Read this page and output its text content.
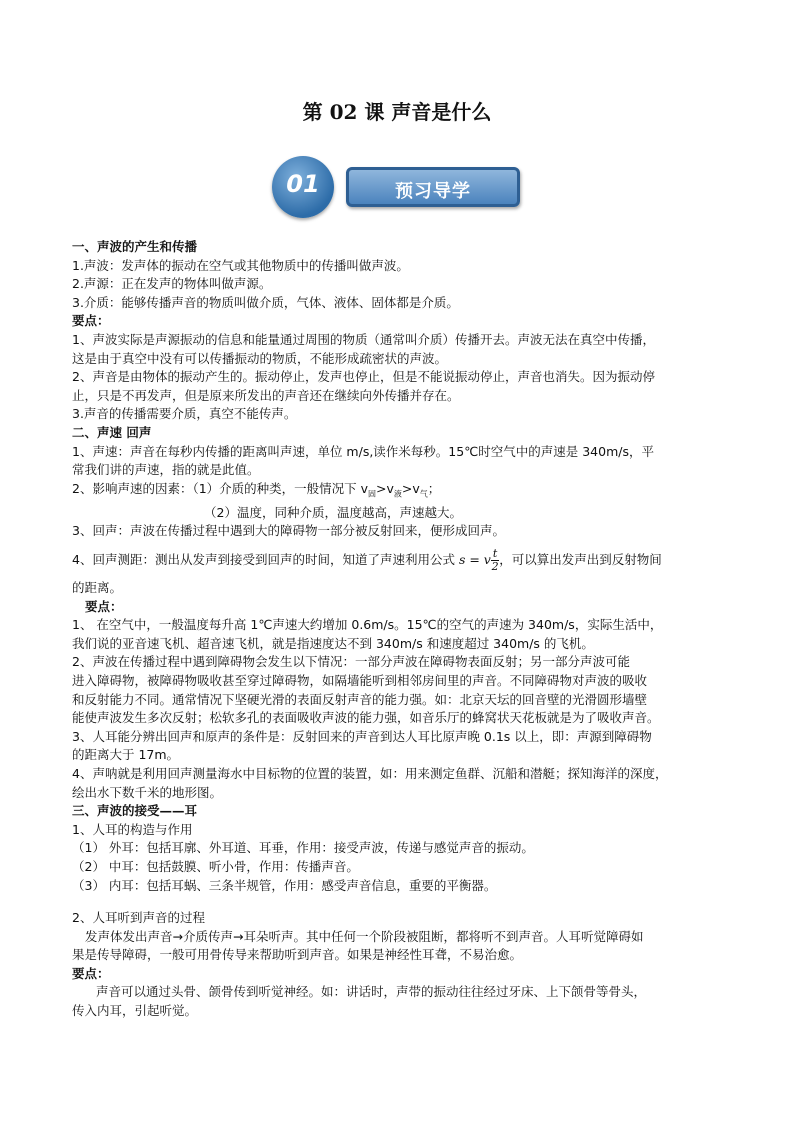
第 02 课 声音是什么
01	预习导学

一、声波的产生和传播

1.声波：发声体的振动在空气或其他物质中的传播叫做声波。

2.声源：正在发声的物体叫做声源。

3.介质：能够传播声音的物质叫做介质，气体、液体、固体都是介质。

要点：

1、声波实际是声源振动的信息和能量通过周围的物质（通常叫介质）传播开去。声波无法在真空中传播，

这是由于真空中没有可以传播振动的物质，不能形成疏密状的声波。

2、声音是由物体的振动产生的。振动停止，发声也停止，但是不能说振动停止，声音也消失。因为振动停

止，只是不再发声，但是原来所发出的声音还在继续向外传播并存在。

3.声音的传播需要介质，真空不能传声。

二、声速 回声

1、声速：声音在每秒内传播的距离叫声速，单位 m/s,读作米每秒。15℃时空气中的声速是 340m/s，平

常我们讲的声速，指的就是此值。

2、影响声速的因素：（1）介质的种类，一般情况下 $v_固>v_液>v_气$；

（2）温度，同种介质，温度越高，声速越大。

3、回声：声波在传播过程中遇到大的障碍物一部分被反射回来，便形成回声。

4、回声测距：测出从发声到接受到回声的时间，知道了声速利用公式 s = v $\frac{t}{2}$ ，可以算出发声出到反射物间

的距离。

要点：

1、 在空气中，一般温度每升高 1℃声速大约增加 0.6m/s。15℃的空气的声速为 340m/s，实际生活中，

我们说的亚音速飞机、超音速飞机，就是指速度达不到 340m/s 和速度超过 340m/s 的飞机。

2、声波在传播过程中遇到障碍物会发生以下情况：一部分声波在障碍物表面反射；另一部分声波可能

进入障碍物，被障碍物吸收甚至穿过障碍物，如隔墙能听到相邻房间里的声音。不同障碍物对声波的吸收

和反射能力不同。通常情况下坚硬光滑的表面反射声音的能力强。如：北京天坛的回音壁的光滑圆形墙壁

能使声波发生多次反射；松软多孔的表面吸收声波的能力强，如音乐厅的蜂窝状天花板就是为了吸收声音。

3、人耳能分辨出回声和原声的条件是：反射回来的声音到达人耳比原声晚 0.1s 以上，即：声源到障碍物

的距离大于 17m。

4、声呐就是利用回声测量海水中目标物的位置的装置，如：用来测定鱼群、沉船和潜艇；探知海洋的深度，

绘出水下数千米的地形图。

三、声波的接受——耳

1、人耳的构造与作用

（1） 外耳：包括耳廓、外耳道、耳垂，作用：接受声波，传递与感觉声音的振动。

（2） 中耳：包括鼓膜、听小骨，作用：传播声音。

（3） 内耳：包括耳蜗、三条半规管，作用：感受声音信息，重要的平衡器。

2、人耳听到声音的过程

发声体发出声音→介质传声→耳朵听声。其中任何一个阶段被阻断，都将听不到声音。人耳听觉障碍如

果是传导障碍，一般可用骨传导来帮助听到声音。如果是神经性耳聋，不易治愈。

要点：

声音可以通过头骨、颌骨传到听觉神经。如：讲话时，声带的振动往往经过牙床、上下颌骨等骨头，

传入内耳，引起听觉。
